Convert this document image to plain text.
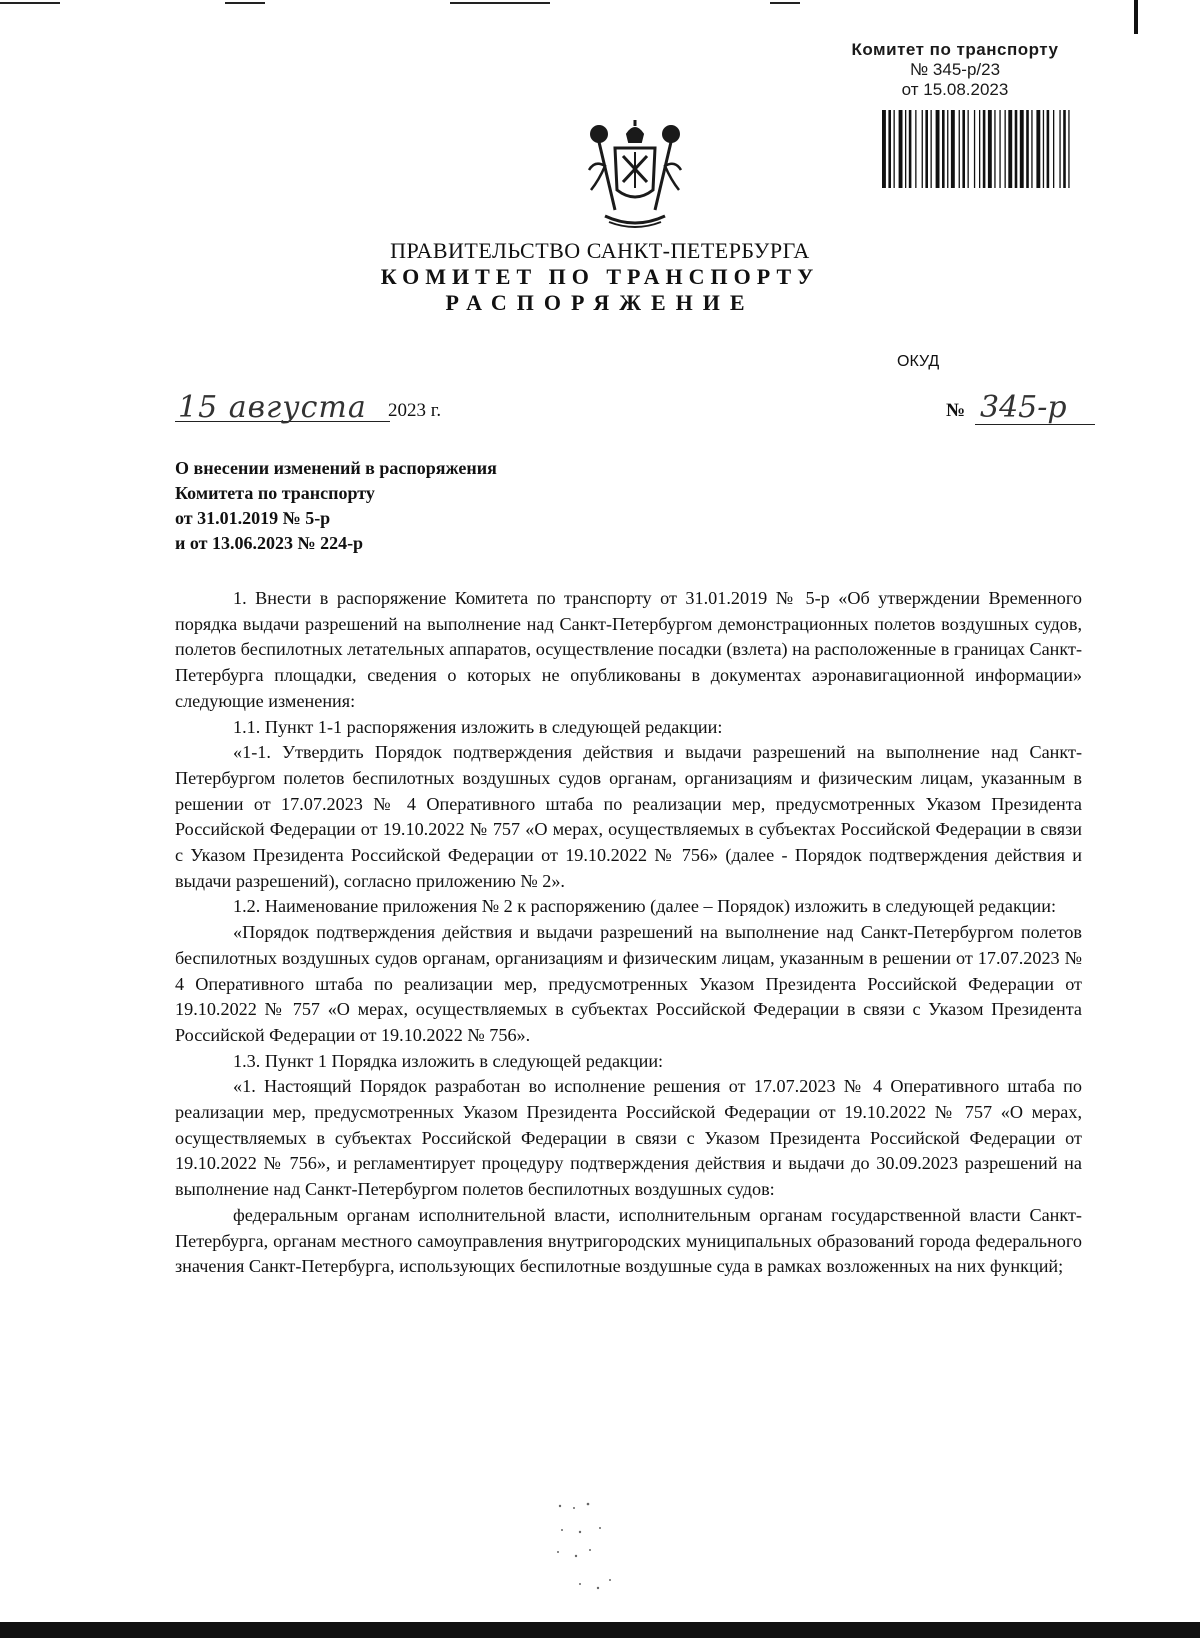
Комитет по транспорту
№ 345-р/23
от 15.08.2023
ПРАВИТЕЛЬСТВО САНКТ-ПЕТЕРБУРГА
КОМИТЕТ ПО ТРАНСПОРТУ
РАСПОРЯЖЕНИЕ
ОКУД
15 августа 2023 г.	№ 345-р
О внесении изменений в распоряжения
Комитета по транспорту
от 31.01.2019 № 5-р
и от 13.06.2023 № 224-р

1. Внести в распоряжение Комитета по транспорту от 31.01.2019 № 5-р «Об утверждении Временного порядка выдачи разрешений на выполнение над Санкт-Петербургом демонстрационных полетов воздушных судов, полетов беспилотных летательных аппаратов, осуществление посадки (взлета) на расположенные в границах Санкт-Петербурга площадки, сведения о которых не опубликованы в документах аэронавигационной информации» следующие изменения:

1.1. Пункт 1-1 распоряжения изложить в следующей редакции:

«1-1. Утвердить Порядок подтверждения действия и выдачи разрешений на выполнение над Санкт-Петербургом полетов беспилотных воздушных судов органам, организациям и физическим лицам, указанным в решении от 17.07.2023 № 4 Оперативного штаба по реализации мер, предусмотренных Указом Президента Российской Федерации от 19.10.2022 № 757 «О мерах, осуществляемых в субъектах Российской Федерации в связи с Указом Президента Российской Федерации от 19.10.2022 № 756» (далее - Порядок подтверждения действия и выдачи разрешений), согласно приложению № 2».

1.2. Наименование приложения № 2 к распоряжению (далее – Порядок) изложить в следующей редакции:

«Порядок подтверждения действия и выдачи разрешений на выполнение над Санкт-Петербургом полетов беспилотных воздушных судов органам, организациям и физическим лицам, указанным в решении от 17.07.2023 № 4 Оперативного штаба по реализации мер, предусмотренных Указом Президента Российской Федерации от 19.10.2022 № 757 «О мерах, осуществляемых в субъектах Российской Федерации в связи с Указом Президента Российской Федерации от 19.10.2022 № 756».

1.3. Пункт 1 Порядка изложить в следующей редакции:

«1. Настоящий Порядок разработан во исполнение решения от 17.07.2023 № 4 Оперативного штаба по реализации мер, предусмотренных Указом Президента Российской Федерации от 19.10.2022 № 757 «О мерах, осуществляемых в субъектах Российской Федерации в связи с Указом Президента Российской Федерации от 19.10.2022 № 756», и регламентирует процедуру подтверждения действия и выдачи до 30.09.2023 разрешений на выполнение над Санкт-Петербургом полетов беспилотных воздушных судов:

федеральным органам исполнительной власти, исполнительным органам государственной власти Санкт-Петербурга, органам местного самоуправления внутригородских муниципальных образований города федерального значения Санкт-Петербурга, использующих беспилотные воздушные суда в рамках возложенных на них функций;
